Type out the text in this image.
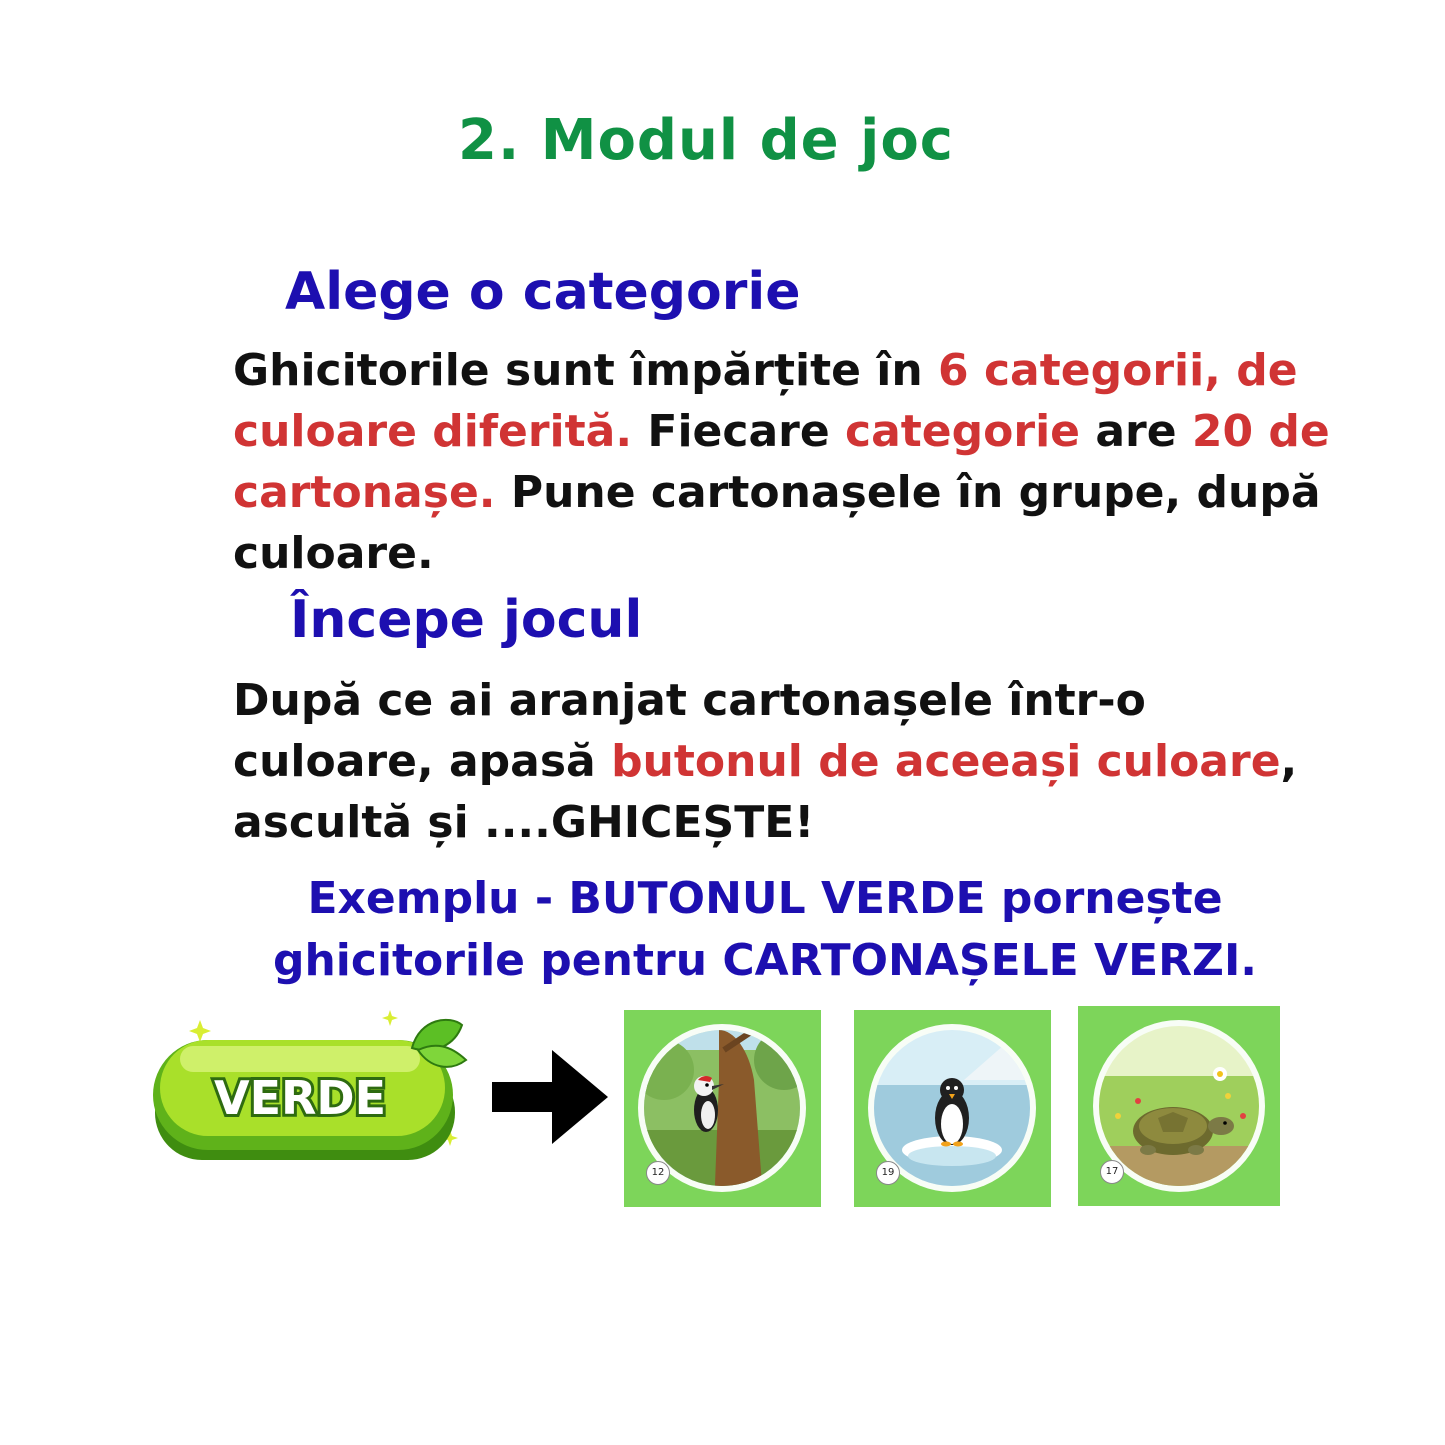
2. Modul de joc
Alege o categorie

Ghicitorile sunt împărțite în 6 categorii, de culoare diferită. Fiecare categorie are 20 de cartonașe. Pune cartonașele în grupe, după culoare.

Începe jocul

După ce ai aranjat cartonașele într-o culoare, apasă butonul de aceeași culoare, ascultă și ....GHICEȘTE!

Exemplu - BUTONUL VERDE pornește
ghicitorile pentru CARTONAȘELE VERZI.

VERDE
12	19	17
